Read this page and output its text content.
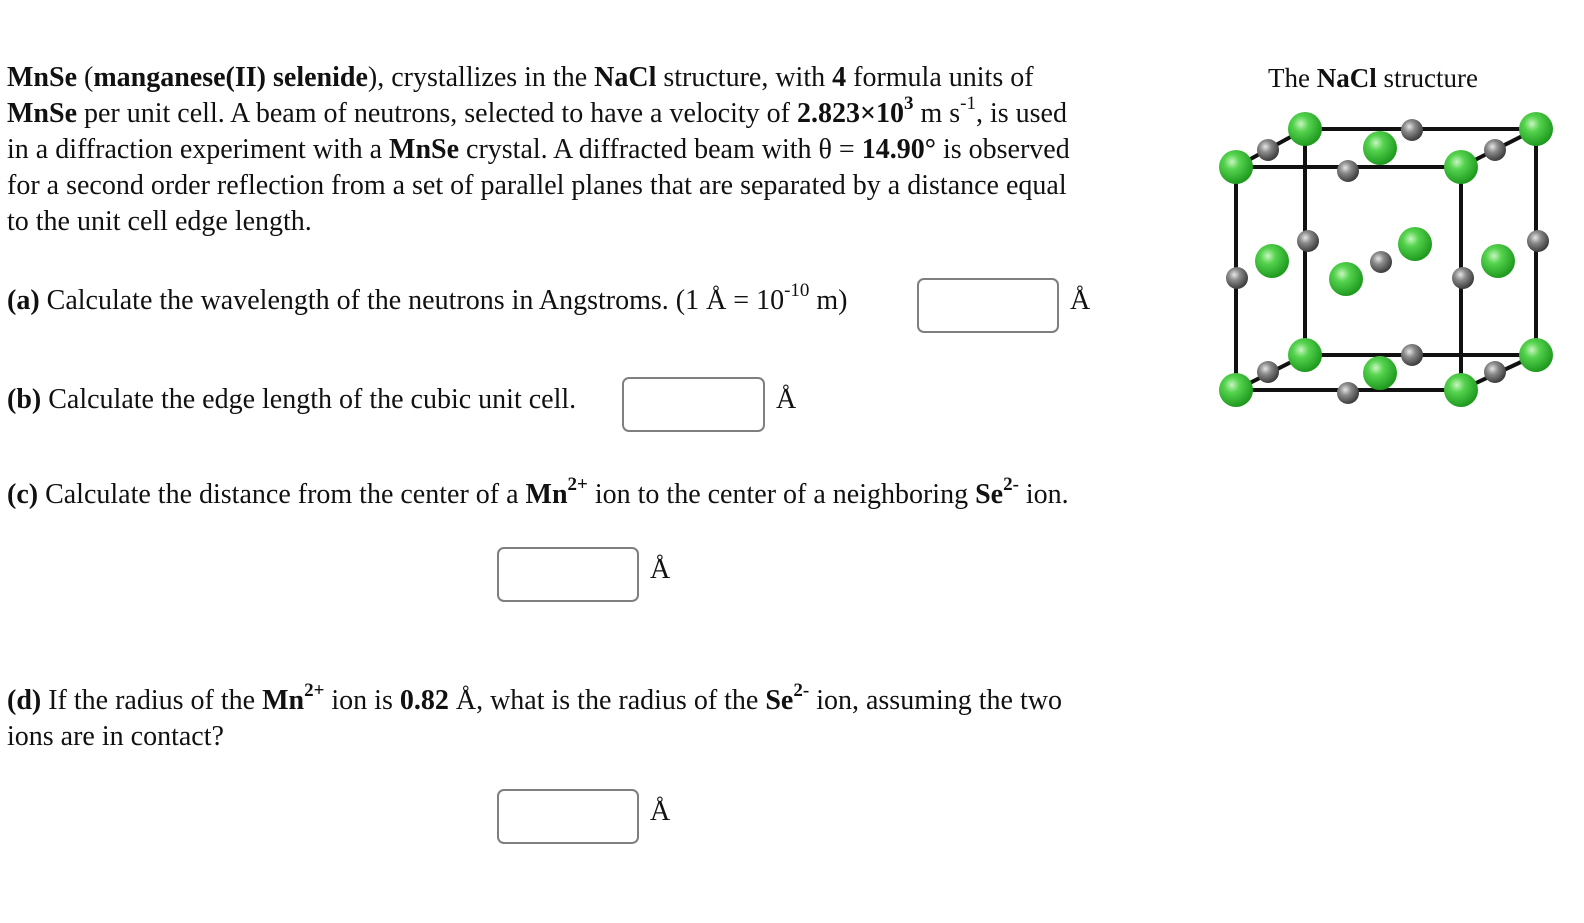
MnSe (manganese(II) selenide), crystallizes in the NaCl structure, with 4 formula units of
MnSe per unit cell. A beam of neutrons, selected to have a velocity of $2.823\times 10^3$ m $s^{-1}$, is used
in a diffraction experiment with a MnSe crystal. A diffracted beam with θ = 14.90° is observed
for a second order reflection from a set of parallel planes that are separated by a distance equal
to the unit cell edge length.
(a) Calculate the wavelength of the neutrons in Angstroms. (1 Å = $10^{-10}$ m)	Å
(b) Calculate the edge length of the cubic unit cell.	Å
(c) Calculate the distance from the center of a $Mn^{2+}$ ion to the center of a neighboring $Se^{2-}$ ion.
Å
(d) If the radius of the $Mn^{2+}$ ion is 0.82 Å, what is the radius of the $Se^{2-}$ ion, assuming the two
ions are in contact?
Å
The NaCl structure
